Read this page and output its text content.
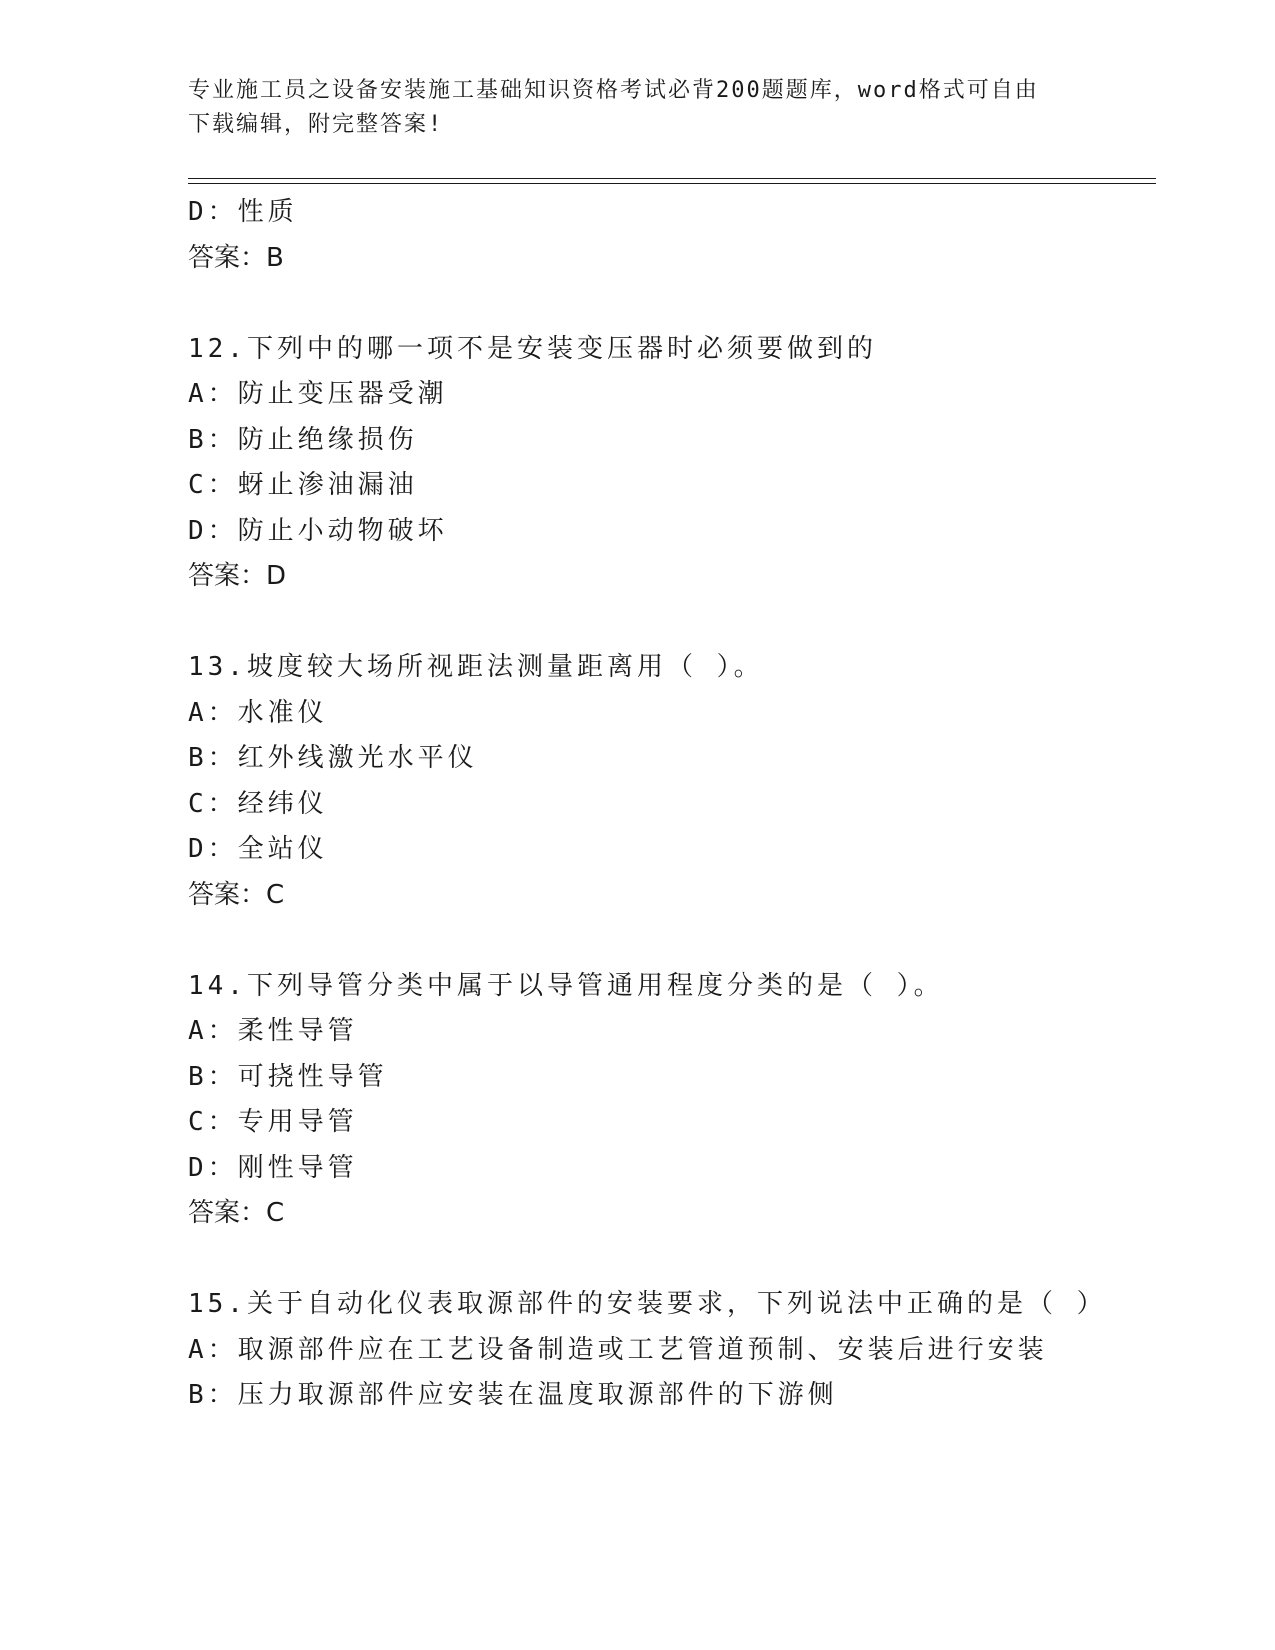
专业施工员之设备安装施工基础知识资格考试必背200题题库，word格式可自由
下载编辑，附完整答案!
D：性质
答案：B
12.下列中的哪一项不是安装变压器时必须要做到的
A：防止变压器受潮
B：防止绝缘损伤
C：蚜止渗油漏油
D：防止小动物破坏
答案：D
13.坡度较大场所视距法测量距离用（ ）。
A：水准仪
B：红外线激光水平仪
C：经纬仪
D：全站仪
答案：C
14.下列导管分类中属于以导管通用程度分类的是（ ）。
A：柔性导管
B：可挠性导管
C：专用导管
D：刚性导管
答案：C
15.关于自动化仪表取源部件的安装要求，下列说法中正确的是（ ）
A：取源部件应在工艺设备制造或工艺管道预制、安装后进行安装
B：压力取源部件应安装在温度取源部件的下游侧
